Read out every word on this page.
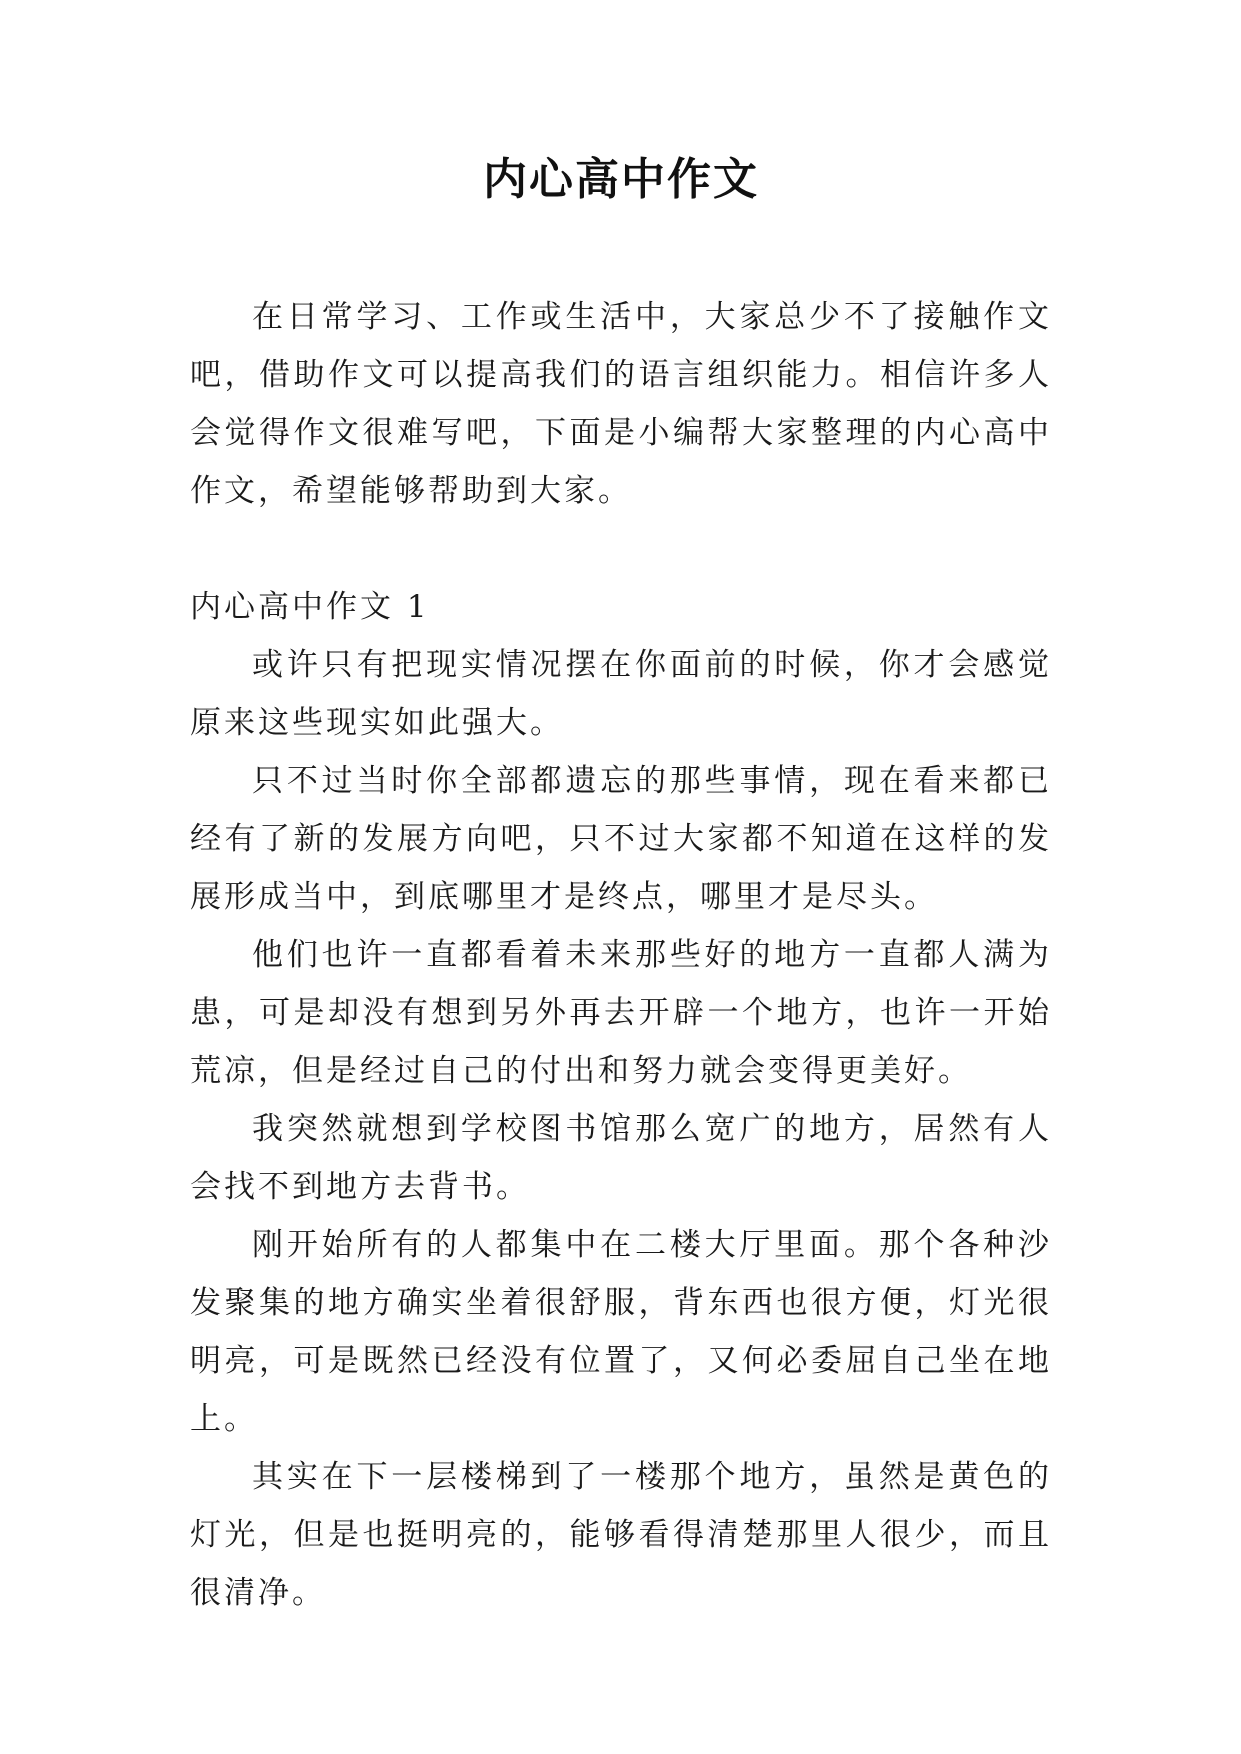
内心高中作文

在日常学习、工作或生活中，大家总少不了接触作文吧，借助作文可以提高我们的语言组织能力。相信许多人会觉得作文很难写吧，下面是小编帮大家整理的内心高中作文，希望能够帮助到大家。

内心高中作文 1

或许只有把现实情况摆在你面前的时候，你才会感觉原来这些现实如此强大。

只不过当时你全部都遗忘的那些事情，现在看来都已经有了新的发展方向吧，只不过大家都不知道在这样的发展形成当中，到底哪里才是终点，哪里才是尽头。

他们也许一直都看着未来那些好的地方一直都人满为患，可是却没有想到另外再去开辟一个地方，也许一开始荒凉，但是经过自己的付出和努力就会变得更美好。

我突然就想到学校图书馆那么宽广的地方，居然有人会找不到地方去背书。

刚开始所有的人都集中在二楼大厅里面。那个各种沙发聚集的地方确实坐着很舒服，背东西也很方便，灯光很明亮，可是既然已经没有位置了，又何必委屈自己坐在地上。

其实在下一层楼梯到了一楼那个地方，虽然是黄色的灯光，但是也挺明亮的，能够看得清楚那里人很少，而且很清净。
